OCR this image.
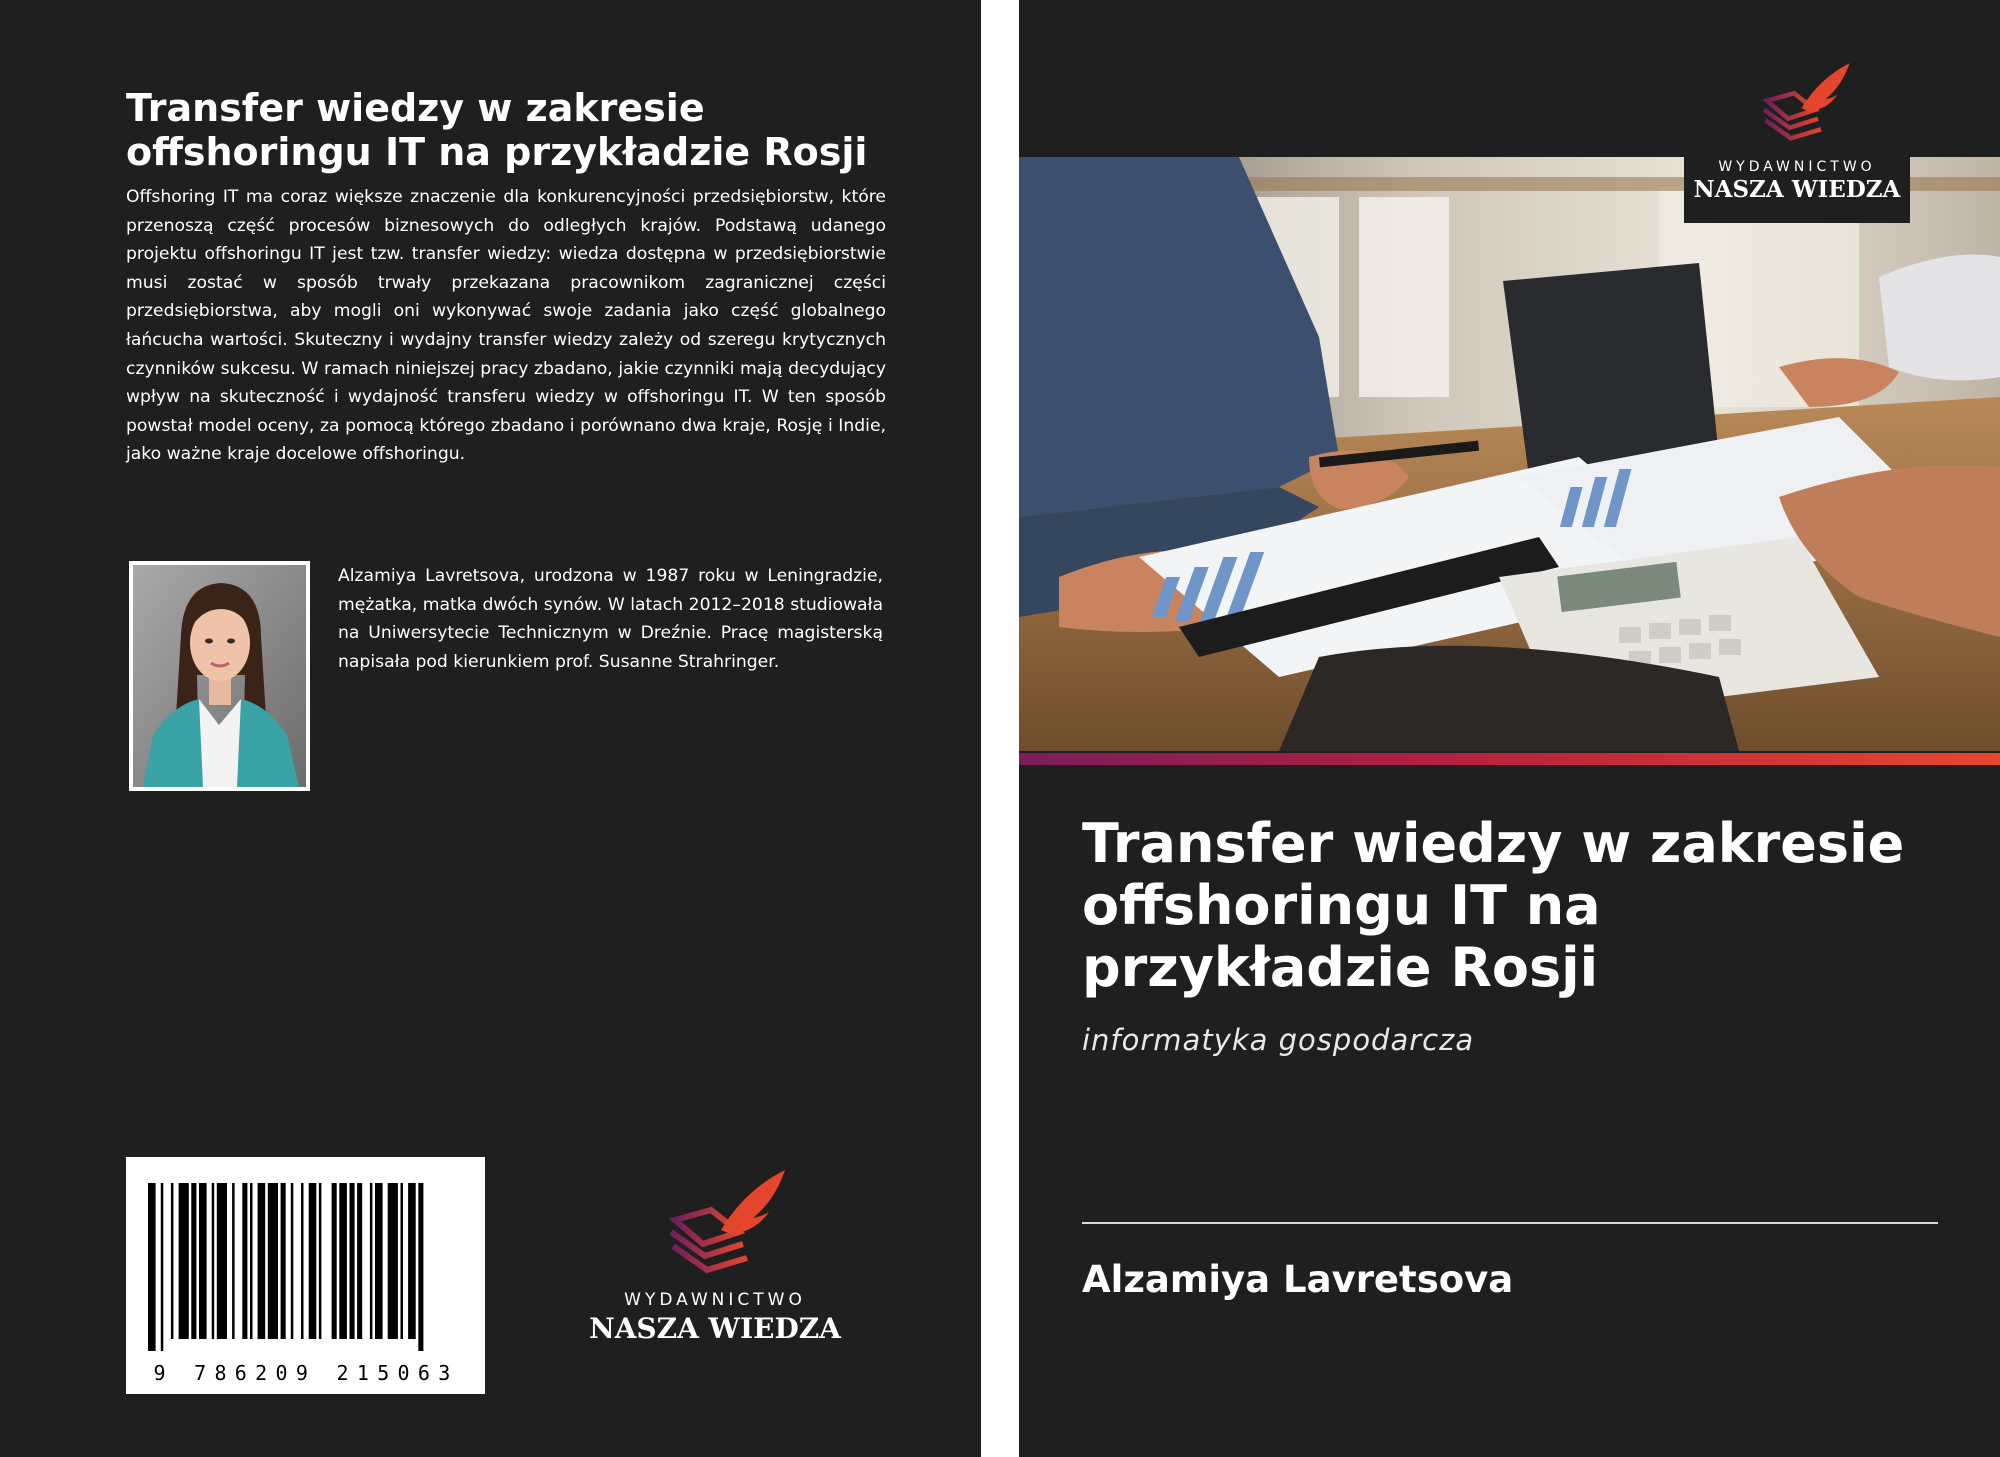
Transfer wiedzy w zakresie offshoringu IT na przykładzie Rosji

Offshoring IT ma coraz większe znaczenie dla konkurencyjności przedsiębiorstw, które przenoszą część procesów biznesowych do odległych krajów. Podstawą udanego projektu offshoringu IT jest tzw. transfer wiedzy: wiedza dostępna w przedsiębiorstwie musi zostać w sposób trwały przekazana pracownikom zagranicznej części przedsiębiorstwa, aby mogli oni wykonywać swoje zadania jako część globalnego łańcucha wartości. Skuteczny i wydajny transfer wiedzy zależy od szeregu krytycznych czynników sukcesu. W ramach niniejszej pracy zbadano, jakie czynniki mają decydujący wpływ na skuteczność i wydajność transferu wiedzy w offshoringu IT. W ten sposób powstał model oceny, za pomocą którego zbadano i porównano dwa kraje, Rosję i Indie, jako ważne kraje docelowe offshoringu.

Alzamiya Lavretsova, urodzona w 1987 roku w Leningradzie, mężatka, matka dwóch synów. W latach 2012–2018 studiowała na Uniwersytecie Technicznym w Dreźnie. Pracę magisterską napisała pod kierunkiem prof. Susanne Strahringer.

9 786209 215063
WYDAWNICTWO
NASZA WIEDZA
WYDAWNICTWO
NASZA WIEDZA
Transfer wiedzy w zakresie offshoringu IT na przykładzie Rosji

informatyka gospodarcza

Alzamiya Lavretsova
